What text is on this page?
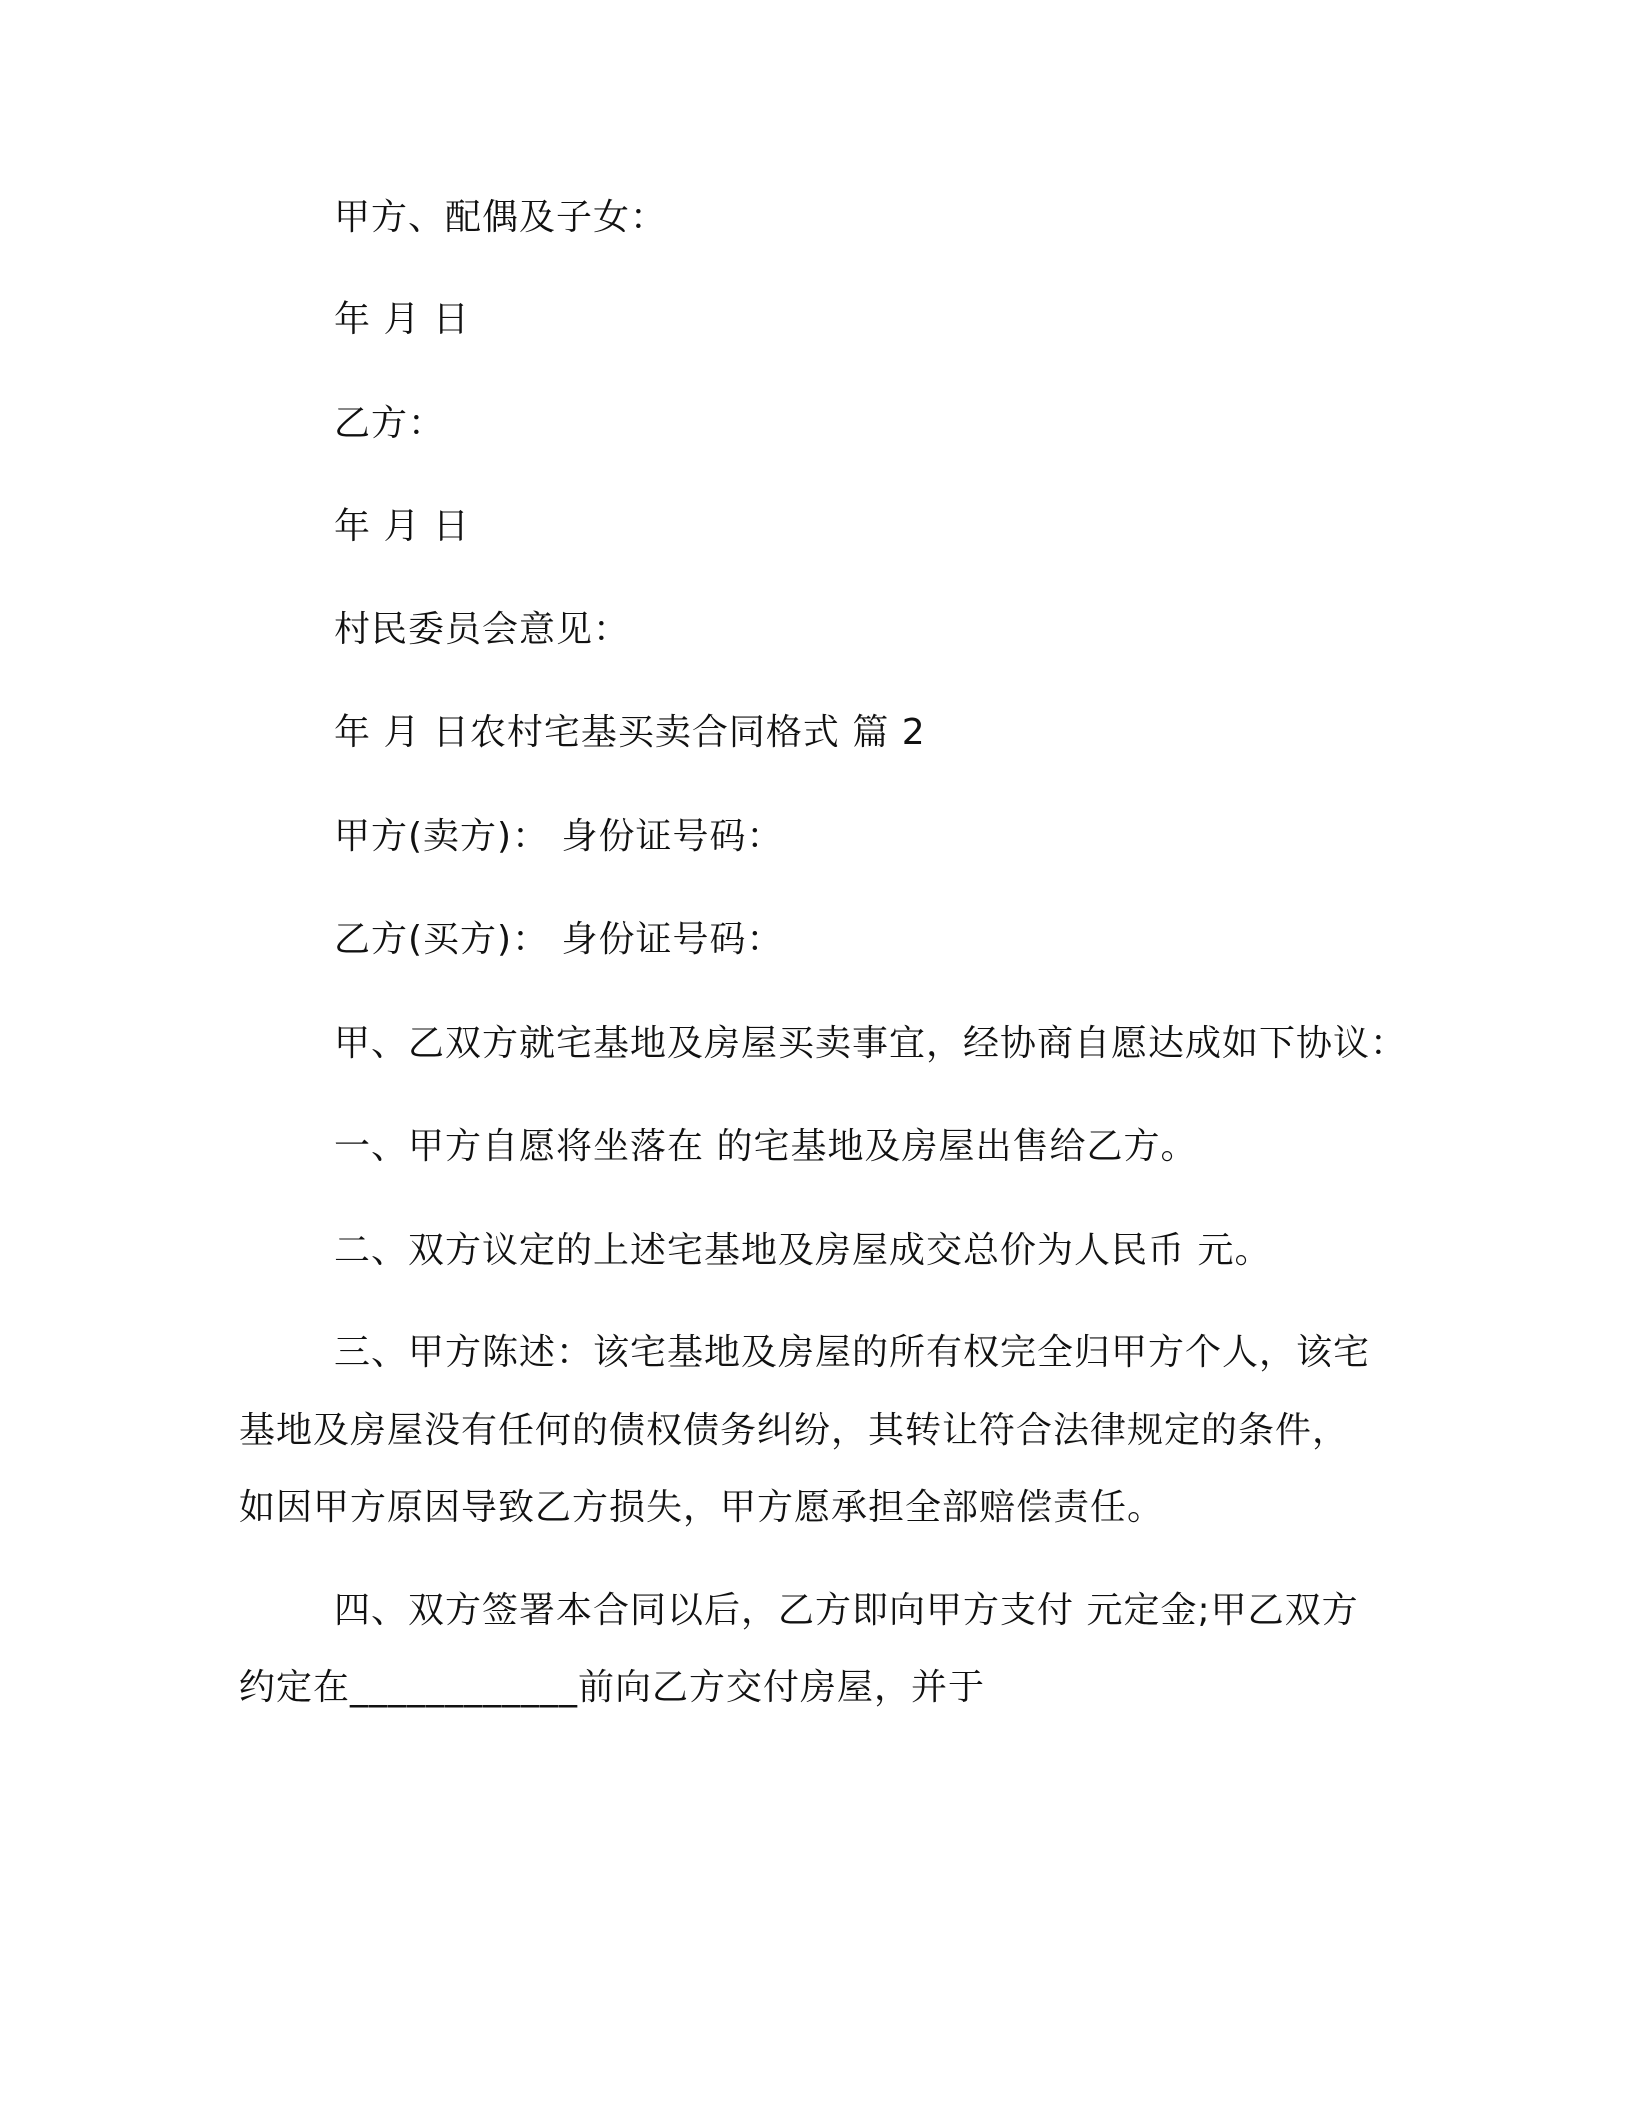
甲方、配偶及子女：
年 月 日
乙方：
年 月 日
村民委员会意见：
年 月 日农村宅基买卖合同格式 篇 2
甲方(卖方)： 身份证号码：
乙方(买方)： 身份证号码：
甲、乙双方就宅基地及房屋买卖事宜，经协商自愿达成如下协议：
一、甲方自愿将坐落在 的宅基地及房屋出售给乙方。
二、双方议定的上述宅基地及房屋成交总价为人民币 元。
三、甲方陈述：该宅基地及房屋的所有权完全归甲方个人，该宅
基地及房屋没有任何的债权债务纠纷，其转让符合法律规定的条件，
如因甲方原因导致乙方损失，甲方愿承担全部赔偿责任。
四、双方签署本合同以后，乙方即向甲方支付 元定金;甲乙双方
约定在____________前向乙方交付房屋，并于
